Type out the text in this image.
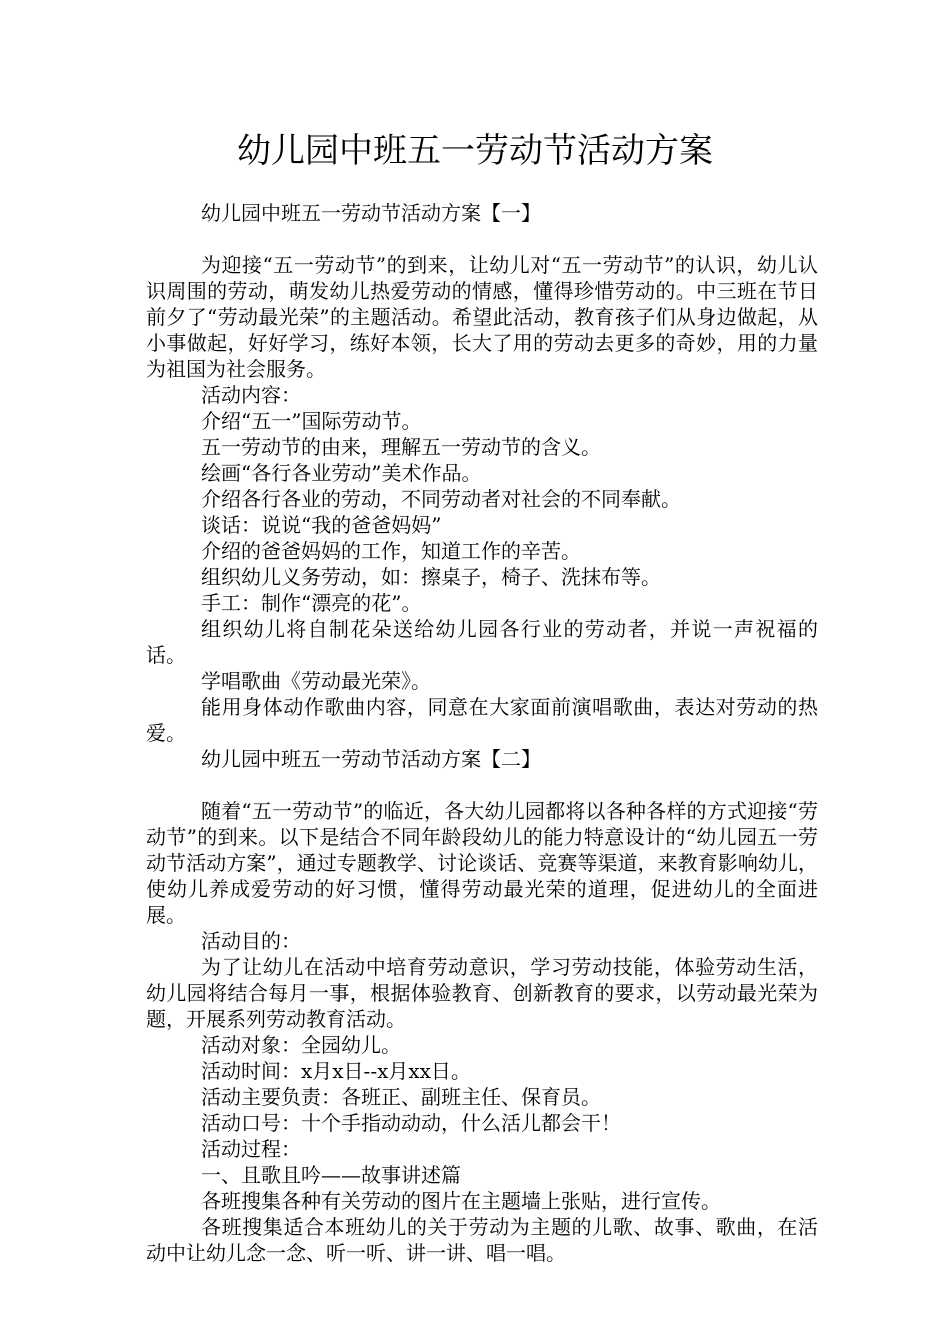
幼儿园中班五一劳动节活动方案

幼儿园中班五一劳动节活动方案【一】

为迎接“五一劳动节”的到来，让幼儿对“五一劳动节”的认识，幼儿认识周围的劳动，萌发幼儿热爱劳动的情感，懂得珍惜劳动的。中三班在节日前夕了“劳动最光荣”的主题活动。希望此活动，教育孩子们从身边做起，从小事做起，好好学习，练好本领，长大了用的劳动去更多的奇妙，用的力量为祖国为社会服务。

活动内容：

介绍“五一”国际劳动节。

五一劳动节的由来，理解五一劳动节的含义。

绘画“各行各业劳动”美术作品。

介绍各行各业的劳动，不同劳动者对社会的不同奉献。

谈话：说说“我的爸爸妈妈”

介绍的爸爸妈妈的工作，知道工作的辛苦。

组织幼儿义务劳动，如：擦桌子，椅子、洗抹布等。

手工：制作“漂亮的花”。

组织幼儿将自制花朵送给幼儿园各行业的劳动者，并说一声祝福的话。

学唱歌曲《劳动最光荣》。

能用身体动作歌曲内容，同意在大家面前演唱歌曲，表达对劳动的热爱。

幼儿园中班五一劳动节活动方案【二】

随着“五一劳动节”的临近，各大幼儿园都将以各种各样的方式迎接“劳动节”的到来。以下是结合不同年龄段幼儿的能力特意设计的“幼儿园五一劳动节活动方案”，通过专题教学、讨论谈话、竞赛等渠道，来教育影响幼儿，使幼儿养成爱劳动的好习惯，懂得劳动最光荣的道理，促进幼儿的全面进展。

活动目的：

为了让幼儿在活动中培育劳动意识，学习劳动技能，体验劳动生活，幼儿园将结合每月一事，根据体验教育、创新教育的要求，以劳动最光荣为题，开展系列劳动教育活动。

活动对象：全园幼儿。

活动时间：x月x日--x月xx日。

活动主要负责：各班正、副班主任、保育员。

活动口号：十个手指动动动，什么活儿都会干！

活动过程：

一、且歌且吟——故事讲述篇

各班搜集各种有关劳动的图片在主题墙上张贴，进行宣传。

各班搜集适合本班幼儿的关于劳动为主题的儿歌、故事、歌曲，在活动中让幼儿念一念、听一听、讲一讲、唱一唱。
